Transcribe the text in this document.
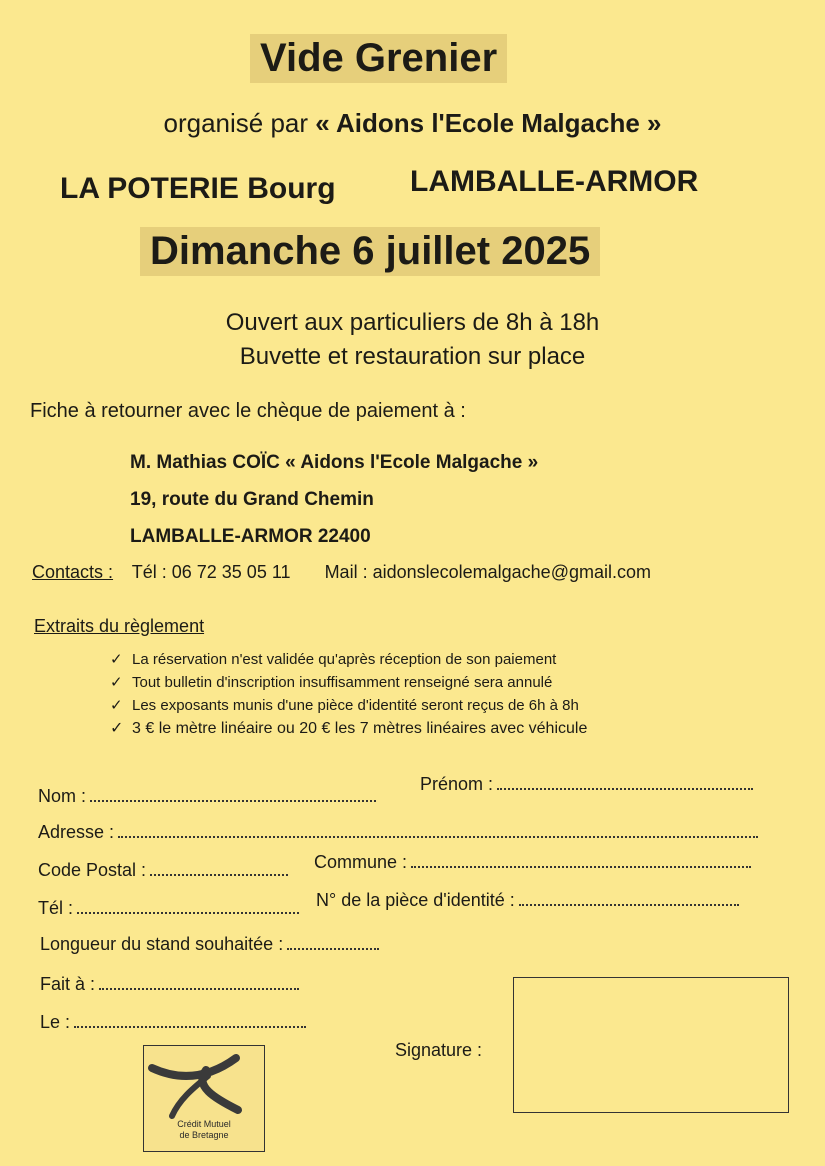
Vide Grenier
organisé par « Aidons l'Ecole Malgache »
LA POTERIE Bourg LAMBALLE-ARMOR
Dimanche 6 juillet 2025
Ouvert aux particuliers de 8h à 18h
Buvette et restauration sur place
Fiche à retourner avec le chèque de paiement à :
M. Mathias COÏC « Aidons l'Ecole Malgache »
19, route du Grand Chemin
LAMBALLE-ARMOR 22400
Contacts : Tél : 06 72 35 05 11 Mail : aidonslecolemalgache@gmail.com
Extraits du règlement
✓ La réservation n'est validée qu'après réception de son paiement
✓ Tout bulletin d'inscription insuffisamment renseigné sera annulé
✓ Les exposants munis d'une pièce d'identité seront reçus de 6h à 8h
✓ 3 € le mètre linéaire ou 20 € les 7 mètres linéaires avec véhicule
Nom :
Prénom :
Adresse :
Code Postal :	Commune :
Tél :	N° de la pièce d'identité :
Longueur du stand souhaitée :
Fait à :
Le :
Signature :
Crédit Mutuel
de Bretagne
